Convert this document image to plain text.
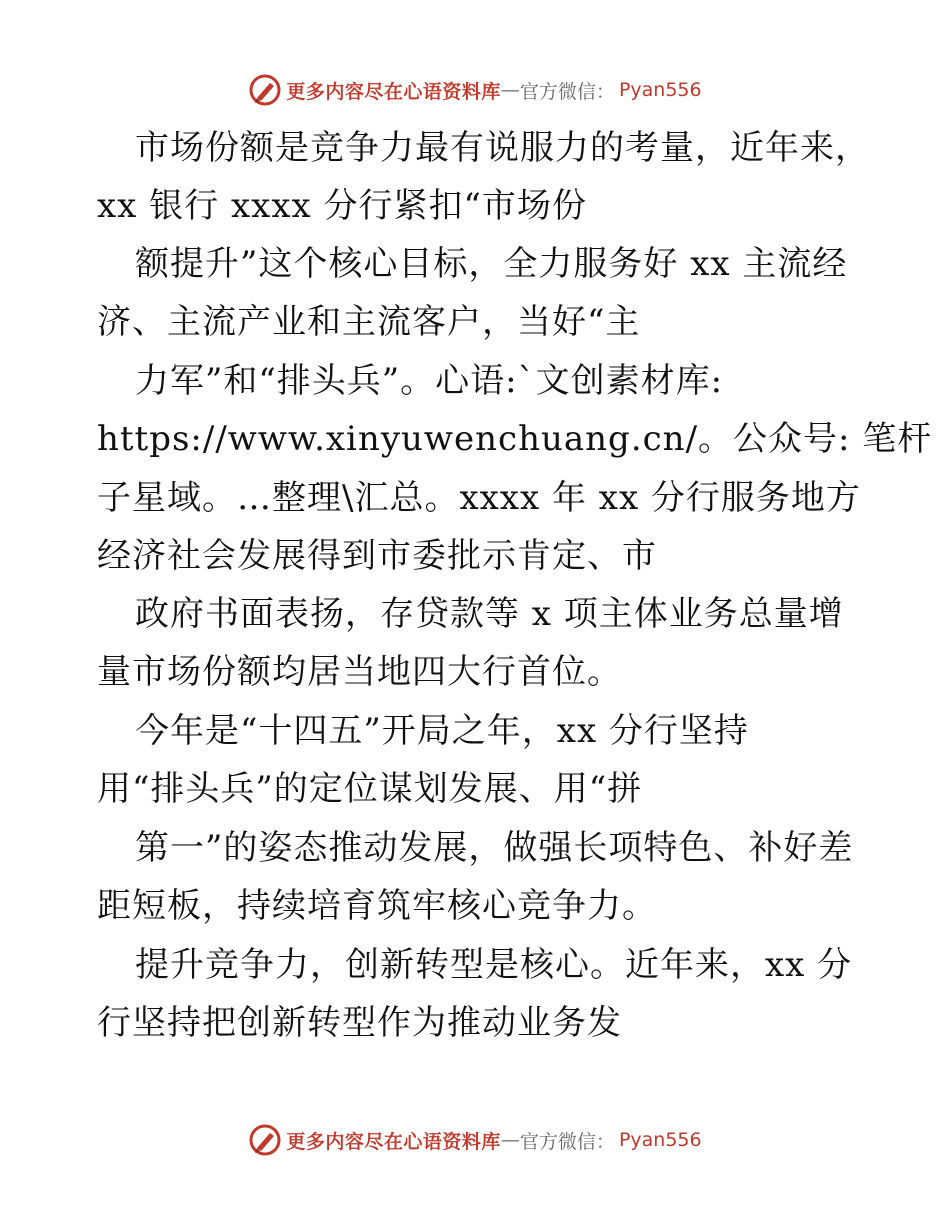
更多内容尽在心语资料库 — 官方微信： Pyan556
市场份额是竞争力最有说服力的考量，近年来，
xx 银行 xxxx 分行紧扣“市场份
额提升”这个核心目标，全力服务好 xx 主流经
济、主流产业和主流客户，当好“主
力军”和“排头兵”。心语:`文创素材库:
https://www.xinyuwenchuang.cn/。公众号: 笔杆
子星域。…整理\汇总。xxxx 年 xx 分行服务地方
经济社会发展得到市委批示肯定、市
政府书面表扬，存贷款等 x 项主体业务总量增
量市场份额均居当地四大行首位。
今年是“十四五”开局之年，xx 分行坚持
用“排头兵”的定位谋划发展、用“拼
第一”的姿态推动发展，做强长项特色、补好差
距短板，持续培育筑牢核心竞争力。
提升竞争力，创新转型是核心。近年来，xx 分
行坚持把创新转型作为推动业务发
更多内容尽在心语资料库 — 官方微信： Pyan556
